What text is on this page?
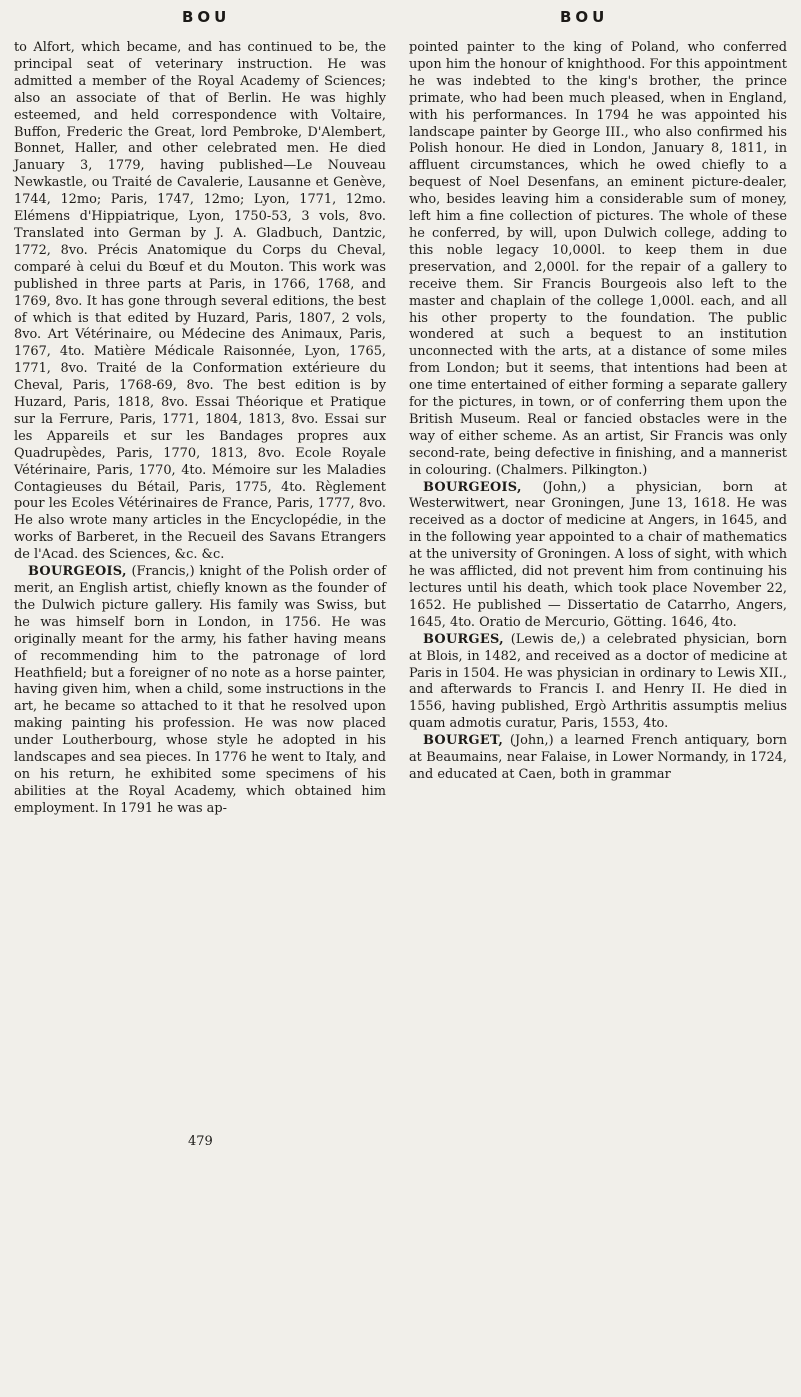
BOU	BOU

to Alfort, which became, and has continued to be, the principal seat of veterinary instruction. He was admitted a member of the Royal Academy of Sciences; also an associate of that of Berlin. He was highly esteemed, and held correspondence with Voltaire, Buffon, Frederic the Great, lord Pembroke, D'Alembert, Bonnet, Haller, and other celebrated men. He died January 3, 1779, having published—Le Nouveau Newkastle, ou Traité de Cavalerie, Lausanne et Genève, 1744, 12mo; Paris, 1747, 12mo; Lyon, 1771, 12mo. Elémens d'Hippiatrique, Lyon, 1750-53, 3 vols, 8vo. Translated into German by J. A. Gladbuch, Dantzic, 1772, 8vo. Précis Anatomique du Corps du Cheval, comparé à celui du Bœuf et du Mouton. This work was published in three parts at Paris, in 1766, 1768, and 1769, 8vo. It has gone through several editions, the best of which is that edited by Huzard, Paris, 1807, 2 vols, 8vo. Art Vétérinaire, ou Médecine des Animaux, Paris, 1767, 4to. Matière Médicale Raisonnée, Lyon, 1765, 1771, 8vo. Traité de la Conformation extérieure du Cheval, Paris, 1768-69, 8vo. The best edition is by Huzard, Paris, 1818, 8vo. Essai Théorique et Pratique sur la Ferrure, Paris, 1771, 1804, 1813, 8vo. Essai sur les Appareils et sur les Bandages propres aux Quadrupèdes, Paris, 1770, 1813, 8vo. Ecole Royale Vétérinaire, Paris, 1770, 4to. Mémoire sur les Maladies Contagieuses du Bétail, Paris, 1775, 4to. Règlement pour les Ecoles Vétérinaires de France, Paris, 1777, 8vo. He also wrote many articles in the Encyclopédie, in the works of Barberet, in the Recueil des Savans Etrangers de l'Acad. des Sciences, &c. &c.

BOURGEOIS, (Francis,) knight of the Polish order of merit, an English artist, chiefly known as the founder of the Dulwich picture gallery. His family was Swiss, but he was himself born in London, in 1756. He was originally meant for the army, his father having means of recommending him to the patronage of lord Heathfield; but a foreigner of no note as a horse painter, having given him, when a child, some instructions in the art, he became so attached to it that he resolved upon making painting his profession. He was now placed under Loutherbourg, whose style he adopted in his landscapes and sea pieces. In 1776 he went to Italy, and on his return, he exhibited some specimens of his abilities at the Royal Academy, which obtained him employment. In 1791 he was ap-

pointed painter to the king of Poland, who conferred upon him the honour of knighthood. For this appointment he was indebted to the king's brother, the prince primate, who had been much pleased, when in England, with his performances. In 1794 he was appointed his landscape painter by George III., who also confirmed his Polish honour. He died in London, January 8, 1811, in affluent circumstances, which he owed chiefly to a bequest of Noel Desenfans, an eminent picture-dealer, who, besides leaving him a considerable sum of money, left him a fine collection of pictures. The whole of these he conferred, by will, upon Dulwich college, adding to this noble legacy 10,000l. to keep them in due preservation, and 2,000l. for the repair of a gallery to receive them. Sir Francis Bourgeois also left to the master and chaplain of the college 1,000l. each, and all his other property to the foundation. The public wondered at such a bequest to an institution unconnected with the arts, at a distance of some miles from London; but it seems, that intentions had been at one time entertained of either forming a separate gallery for the pictures, in town, or of conferring them upon the British Museum. Real or fancied obstacles were in the way of either scheme. As an artist, Sir Francis was only second-rate, being defective in finishing, and a mannerist in colouring. (Chalmers. Pilkington.)

BOURGEOIS, (John,) a physician, born at Westerwitwert, near Groningen, June 13, 1618. He was received as a doctor of medicine at Angers, in 1645, and in the following year appointed to a chair of mathematics at the university of Groningen. A loss of sight, with which he was afflicted, did not prevent him from continuing his lectures until his death, which took place November 22, 1652. He published — Dissertatio de Catarrho, Angers, 1645, 4to. Oratio de Mercurio, Götting. 1646, 4to.

BOURGES, (Lewis de,) a celebrated physician, born at Blois, in 1482, and received as a doctor of medicine at Paris in 1504. He was physician in ordinary to Lewis XII., and afterwards to Francis I. and Henry II. He died in 1556, having published, Ergò Arthritis assumptis melius quam admotis curatur, Paris, 1553, 4to.

BOURGET, (John,) a learned French antiquary, born at Beaumains, near Falaise, in Lower Normandy, in 1724, and educated at Caen, both in grammar

479
